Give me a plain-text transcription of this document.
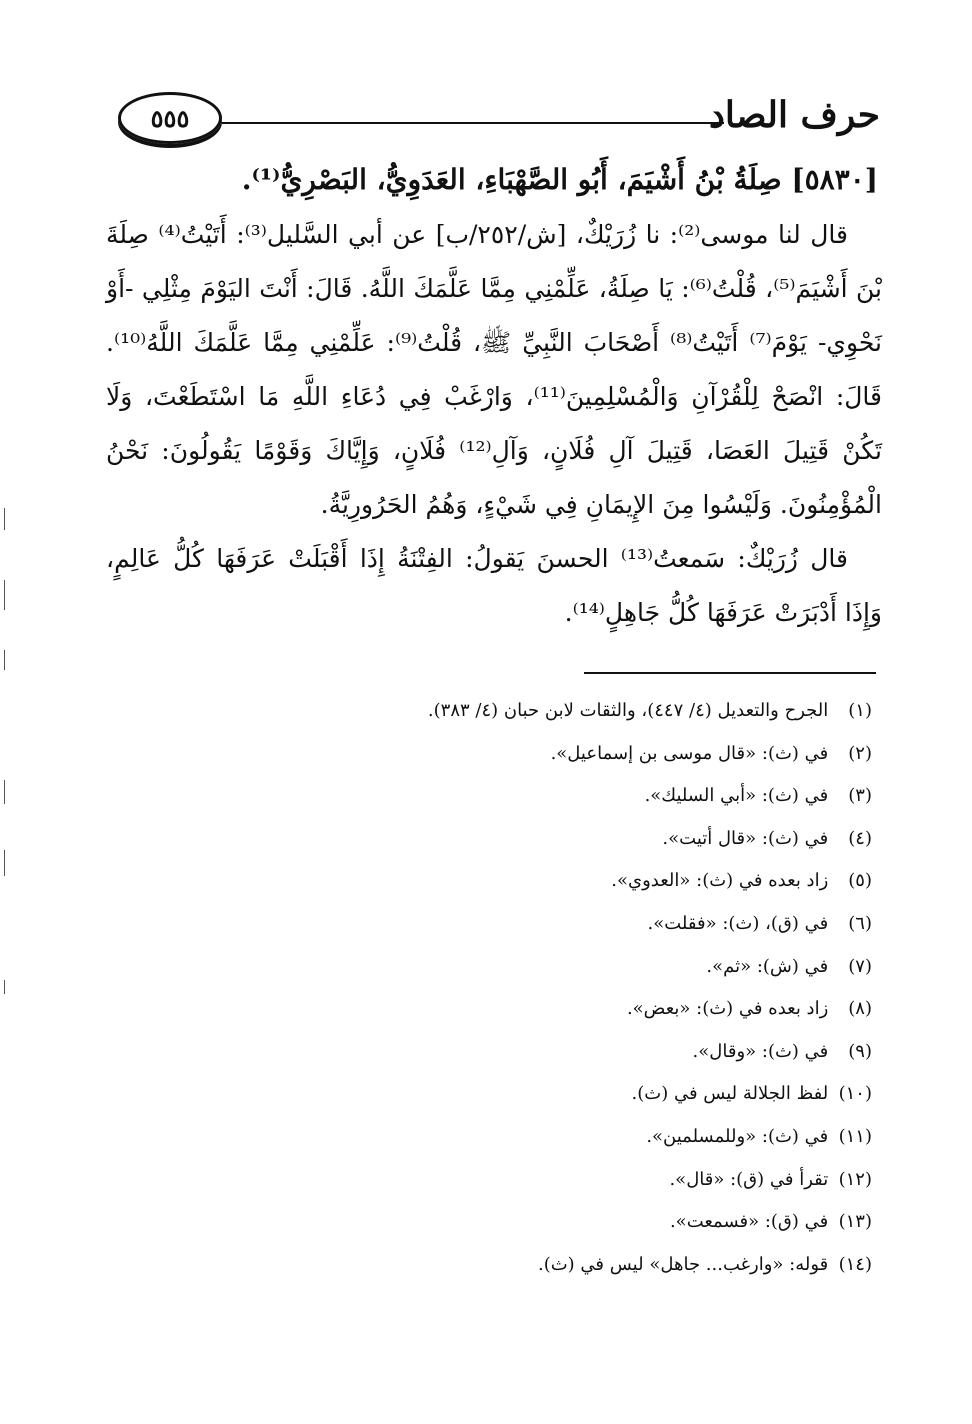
حرف الصاد
٥٥٥
[٥٨٣٠] صِلَةُ بْنُ أَشْيَمَ، أَبُو الصَّهْبَاءِ، العَدَوِيُّ، البَصْرِيُّ⁽¹⁾.

قال لنا موسى⁽²⁾: نا زُرَيْكٌ، [ش/٢٥٢/ب] عن أبي السَّليل⁽³⁾: أَتَيْتُ⁽⁴⁾ صِلَةَ بْنَ أَشْيَمَ⁽⁵⁾، قُلْتُ⁽⁶⁾: يَا صِلَةُ، عَلِّمْنِي مِمَّا عَلَّمَكَ اللَّهُ. قَالَ: أَنْتَ اليَوْمَ مِثْلِي -أَوْ نَحْوِي- يَوْمَ⁽⁷⁾ أَتَيْتُ⁽⁸⁾ أَصْحَابَ النَّبِيِّ ﷺ، قُلْتُ⁽⁹⁾: عَلِّمْنِي مِمَّا عَلَّمَكَ اللَّهُ⁽¹⁰⁾. قَالَ: انْصَحْ لِلْقُرْآنِ وَالْمُسْلِمِينَ⁽¹¹⁾، وَارْغَبْ فِي دُعَاءِ اللَّهِ مَا اسْتَطَعْتَ، وَلَا تَكُنْ قَتِيلَ العَصَا، قَتِيلَ آلِ فُلَانٍ، وَآلِ⁽¹²⁾ فُلَانٍ، وَإِيَّاكَ وَقَوْمًا يَقُولُونَ: نَحْنُ الْمُؤْمِنُونَ. وَلَيْسُوا مِنَ الإِيمَانِ فِي شَيْءٍ، وَهُمُ الحَرُورِيَّةُ.

قال زُرَيْكٌ: سَمعتُ⁽¹³⁾ الحسنَ يَقولُ: الفِتْنَةُ إِذَا أَقْبَلَتْ عَرَفَهَا كُلُّ عَالِمٍ، وَإِذَا أَدْبَرَتْ عَرَفَهَا كُلُّ جَاهِلٍ⁽¹⁴⁾.

(١) الجرح والتعديل (٤/ ٤٤٧)، والثقات لابن حبان (٤/ ٣٨٣).
(٢) في (ث): «قال موسى بن إسماعيل».
(٣) في (ث): «أبي السليك».
(٤) في (ث): «قال أتيت».
(٥) زاد بعده في (ث): «العدوي».
(٦) في (ق)، (ث): «فقلت».
(٧) في (ش): «ثم».
(٨) زاد بعده في (ث): «بعض».
(٩) في (ث): «وقال».
(١٠) لفظ الجلالة ليس في (ث).
(١١) في (ث): «وللمسلمين».
(١٢) تقرأ في (ق): «قال».
(١٣) في (ق): «فسمعت».
(١٤) قوله: «وارغب... جاهل» ليس في (ث).
